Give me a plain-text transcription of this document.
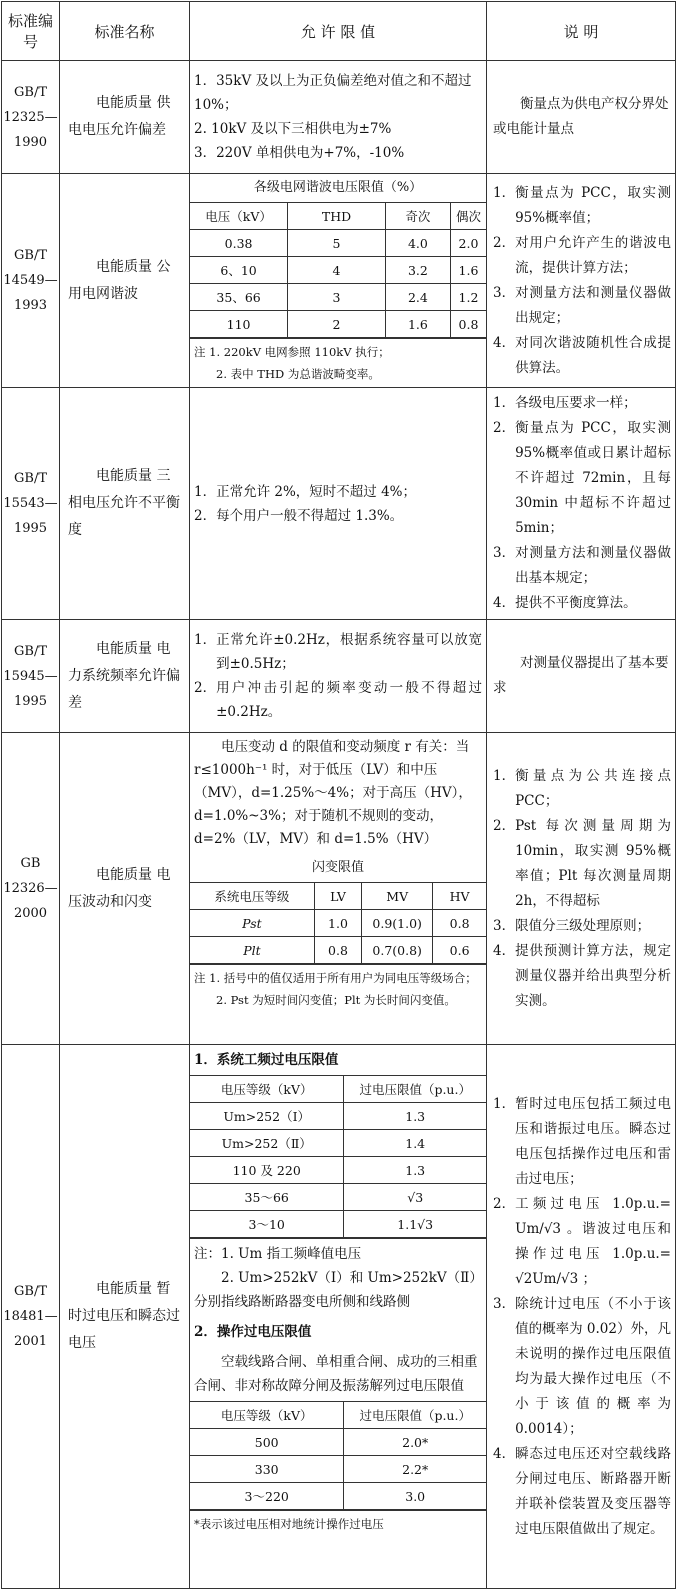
标准编号	标准名称	允 许 限 值	说 明

GB/T
12325—
1990

电能质量 供电电压允许偏差

1．35kV 及以上为正负偏差绝对值之和不超过10%；
2. 10kV 及以下三相供电为±7%
3．220V 单相供电为+7%，-10%

衡量点为供电产权分界处或电能计量点

GB/T
14549—
1993

电能质量 公用电网谐波

各级电网谐波电压限值（%）
电压（kV）	THD	奇次	偶次
0.38	5	4.0	2.0
6、10	4	3.2	1.6
35、66	3	2.4	1.2
110	2	1.6	0.8
注 1. 220kV 电网参照 110kV 执行；
2. 表中 THD 为总谐波畸变率。

1． 衡量点为 PCC，取实测95%概率值；
2． 对用户允许产生的谐波电流，提供计算方法；
3． 对测量方法和测量仪器做出规定；
4． 对同次谐波随机性合成提供算法。

GB/T
15543—
1995

电能质量 三相电压允许不平衡度

1． 正常允许 2%，短时不超过 4%；
2． 每个用户一般不得超过 1.3%。

1． 各级电压要求一样；
2． 衡量点为 PCC，取实测95%概率值或日累计超标不许超过 72min，且每30min 中超标不许超过5min；
3． 对测量方法和测量仪器做出基本规定；
4． 提供不平衡度算法。

GB/T
15945—
1995

电能质量 电力系统频率允许偏差

1． 正常允许±0.2Hz，根据系统容量可以放宽到±0.5Hz；
2． 用户冲击引起的频率变动一般不得超过±0.2Hz。

对测量仪器提出了基本要求

GB
12326—
2000

电能质量 电压波动和闪变

电压变动 d 的限值和变动频度 r 有关：当 r≤1000h⁻¹ 时，对于低压（LV）和中压（MV），d=1.25%～4%；对于高压（HV），d=1.0%~3%；对于随机不规则的变动，d=2%（LV，MV）和 d=1.5%（HV）
闪变限值
系统电压等级	LV	MV	HV
Pst	1.0	0.9(1.0)	0.8
Plt	0.8	0.7(0.8)	0.6
注 1. 括号中的值仅适用于所有用户为同电压等级场合；
2. Pst 为短时间闪变值；Plt 为长时间闪变值。

1． 衡量点为公共连接点 PCC；
2． Pst 每次测量周期为10min，取实测 95%概率值；Plt 每次测量周期 2h，不得超标
3． 限值分三级处理原则；
4． 提供预测计算方法，规定测量仪器并给出典型分析实测。

GB/T
18481—
2001

电能质量 暂时过电压和瞬态过电压

1．系统工频过电压限值
电压等级（kV）	过电压限值（p.u.）
Um>252（Ⅰ）	1.3
Um>252（Ⅱ）	1.4
110 及 220	1.3
35～66	√3
3～10	1.1√3
注：1. Um 指工频峰值电压
2. Um>252kV（Ⅰ）和 Um>252kV（Ⅱ）分别指线路断路器变电所侧和线路侧
2．操作过电压限值
空载线路合闸、单相重合闸、成功的三相重合闸、非对称故障分闸及振荡解列过电压限值
电压等级（kV）	过电压限值（p.u.）
500	2.0*
330	2.2*
3～220	3.0
*表示该过电压相对地统计操作过电压

1． 暂时过电压包括工频过电压和谐振过电压。瞬态过电压包括操作过电压和雷击过电压；
2． 工频过电压 1.0p.u.= Um/√3 。谐波过电压和操作过电压 1.0p.u.= √2Um/√3 ；
3． 除统计过电压（不小于该值的概率为 0.02）外，凡未说明的操作过电压限值均为最大操作过电压（不小于该值的概率为 0.0014）；
4． 瞬态过电压还对空载线路分闸过电压、断路器开断并联补偿装置及变压器等过电压限值做出了规定。
